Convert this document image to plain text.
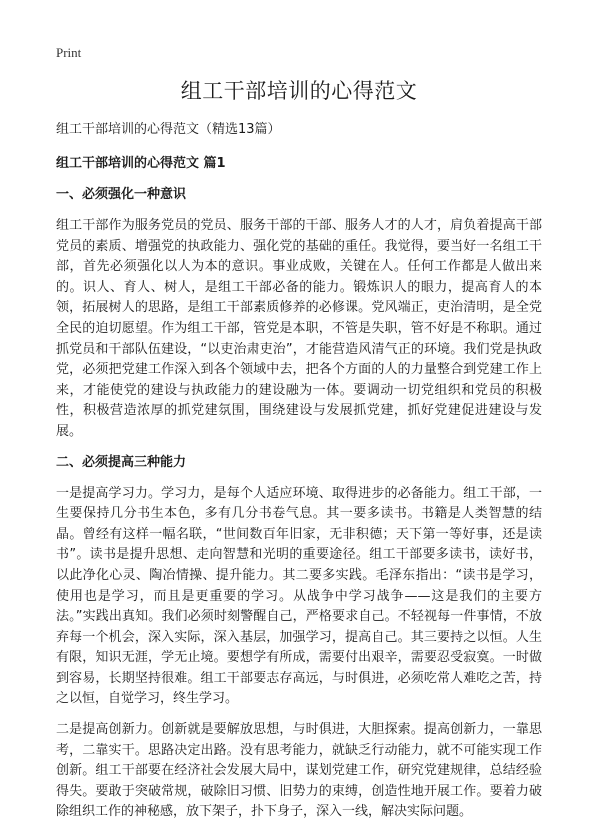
Print
组工干部培训的心得范文
组工干部培训的心得范文（精选13篇）
组工干部培训的心得范文 篇1
一、必须强化一种意识

组工干部作为服务党员的党员、服务干部的干部、服务人才的人才，肩负着提高干部党员的素质、增强党的执政能力、强化党的基础的重任。我觉得，要当好一名组工干部，首先必须强化以人为本的意识。事业成败，关键在人。任何工作都是人做出来的。识人、育人、树人，是组工干部必备的能力。锻炼识人的眼力，提高育人的本领，拓展树人的思路，是组工干部素质修养的必修课。党风端正，吏治清明，是全党全民的迫切愿望。作为组工干部，管党是本职，不管是失职，管不好是不称职。通过抓党员和干部队伍建设，“以吏治肃吏治”，才能营造风清气正的环境。我们党是执政党，必须把党建工作深入到各个领域中去，把各个方面的人的力量整合到党建工作上来，才能使党的建设与执政能力的建设融为一体。要调动一切党组织和党员的积极性，积极营造浓厚的抓党建氛围，围绕建设与发展抓党建，抓好党建促进建设与发展。

二、必须提高三种能力

一是提高学习力。学习力，是每个人适应环境、取得进步的必备能力。组工干部，一生要保持几分书生本色，多有几分书卷气息。其一要多读书。书籍是人类智慧的结晶。曾经有这样一幅名联，“世间数百年旧家，无非积德；天下第一等好事，还是读书”。读书是提升思想、走向智慧和光明的重要途径。组工干部要多读书，读好书，以此净化心灵、陶冶情操、提升能力。其二要多实践。毛泽东指出：“读书是学习，使用也是学习，而且是更重要的学习。从战争中学习战争——这是我们的主要方法。”实践出真知。我们必须时刻警醒自己，严格要求自己。不轻视每一件事情，不放弃每一个机会，深入实际，深入基层，加强学习，提高自己。其三要持之以恒。人生有限，知识无涯，学无止境。要想学有所成，需要付出艰辛，需要忍受寂寞。一时做到容易，长期坚持很难。组工干部要志存高远，与时俱进，必须吃常人难吃之苦，持之以恒，自觉学习，终生学习。

二是提高创新力。创新就是要解放思想，与时俱进，大胆探索。提高创新力，一靠思考，二靠实干。思路决定出路。没有思考能力，就缺乏行动能力，就不可能实现工作创新。组工干部要在经济社会发展大局中，谋划党建工作，研究党建规律，总结经验得失。要敢于突破常规，破除旧习惯、旧势力的束缚，创造性地开展工作。要着力破除组织工作的神秘感，放下架子，扑下身子，深入一线，解决实际问题。
